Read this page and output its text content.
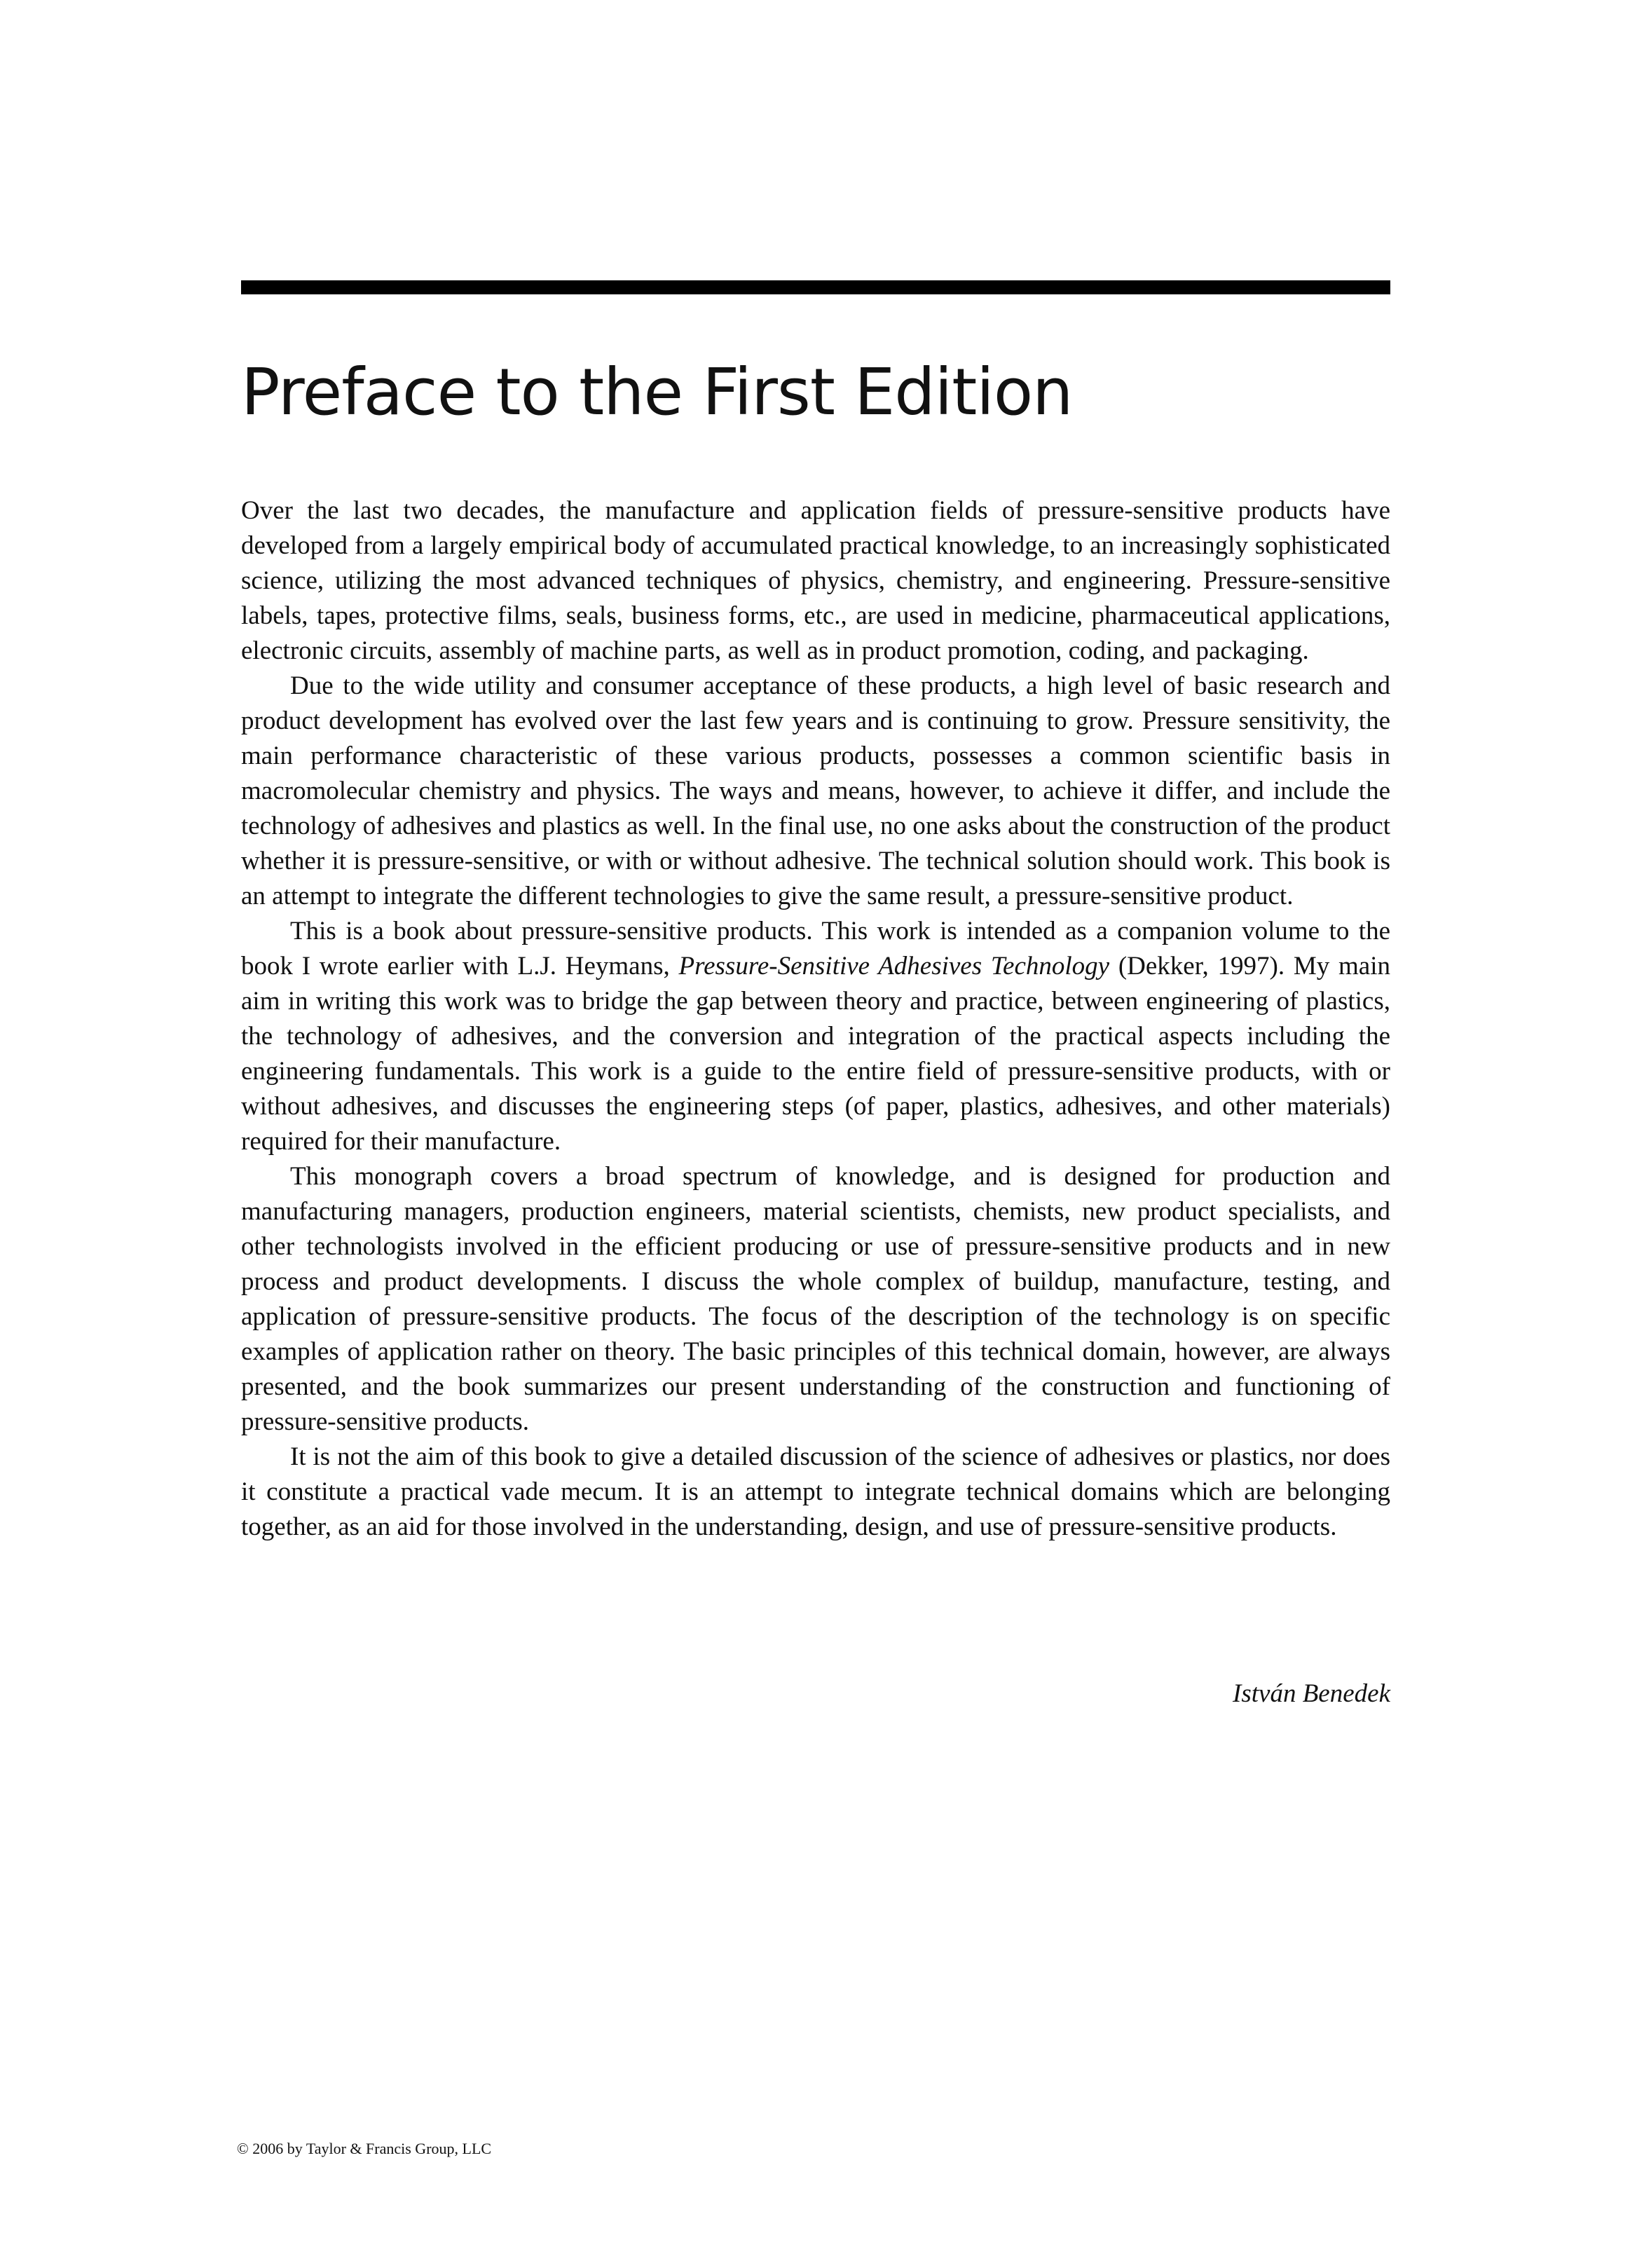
Preface to the First Edition

Over the last two decades, the manufacture and application fields of pressure-sensitive products have developed from a largely empirical body of accumulated practical knowledge, to an increasingly sophisticated science, utilizing the most advanced techniques of physics, chemistry, and engineering. Pressure-sensitive labels, tapes, protective films, seals, business forms, etc., are used in medicine, pharmaceutical applications, electronic circuits, assembly of machine parts, as well as in product promotion, coding, and packaging.

Due to the wide utility and consumer acceptance of these products, a high level of basic research and product development has evolved over the last few years and is continuing to grow. Pressure sensitivity, the main performance characteristic of these various products, possesses a common scientific basis in macromolecular chemistry and physics. The ways and means, however, to achieve it differ, and include the technology of adhesives and plastics as well. In the final use, no one asks about the construction of the product whether it is pressure-sensitive, or with or without adhesive. The technical solution should work. This book is an attempt to integrate the different technologies to give the same result, a pressure-sensitive product.

This is a book about pressure-sensitive products. This work is intended as a companion volume to the book I wrote earlier with L.J. Heymans, Pressure-Sensitive Adhesives Technology (Dekker, 1997). My main aim in writing this work was to bridge the gap between theory and practice, between engineering of plastics, the technology of adhesives, and the conversion and integration of the practical aspects including the engineering fundamentals. This work is a guide to the entire field of pressure-sensitive products, with or without adhesives, and discusses the engineering steps (of paper, plastics, adhesives, and other materials) required for their manufacture.

This monograph covers a broad spectrum of knowledge, and is designed for production and manufacturing managers, production engineers, material scientists, chemists, new product specialists, and other technologists involved in the efficient producing or use of pressure-sensitive products and in new process and product developments. I discuss the whole complex of buildup, manufacture, testing, and application of pressure-sensitive products. The focus of the description of the technology is on specific examples of application rather on theory. The basic principles of this technical domain, however, are always presented, and the book summarizes our present understanding of the construction and functioning of pressure-sensitive products.

It is not the aim of this book to give a detailed discussion of the science of adhesives or plastics, nor does it constitute a practical vade mecum. It is an attempt to integrate technical domains which are belonging together, as an aid for those involved in the understanding, design, and use of pressure-sensitive products.

István Benedek
© 2006 by Taylor & Francis Group, LLC
